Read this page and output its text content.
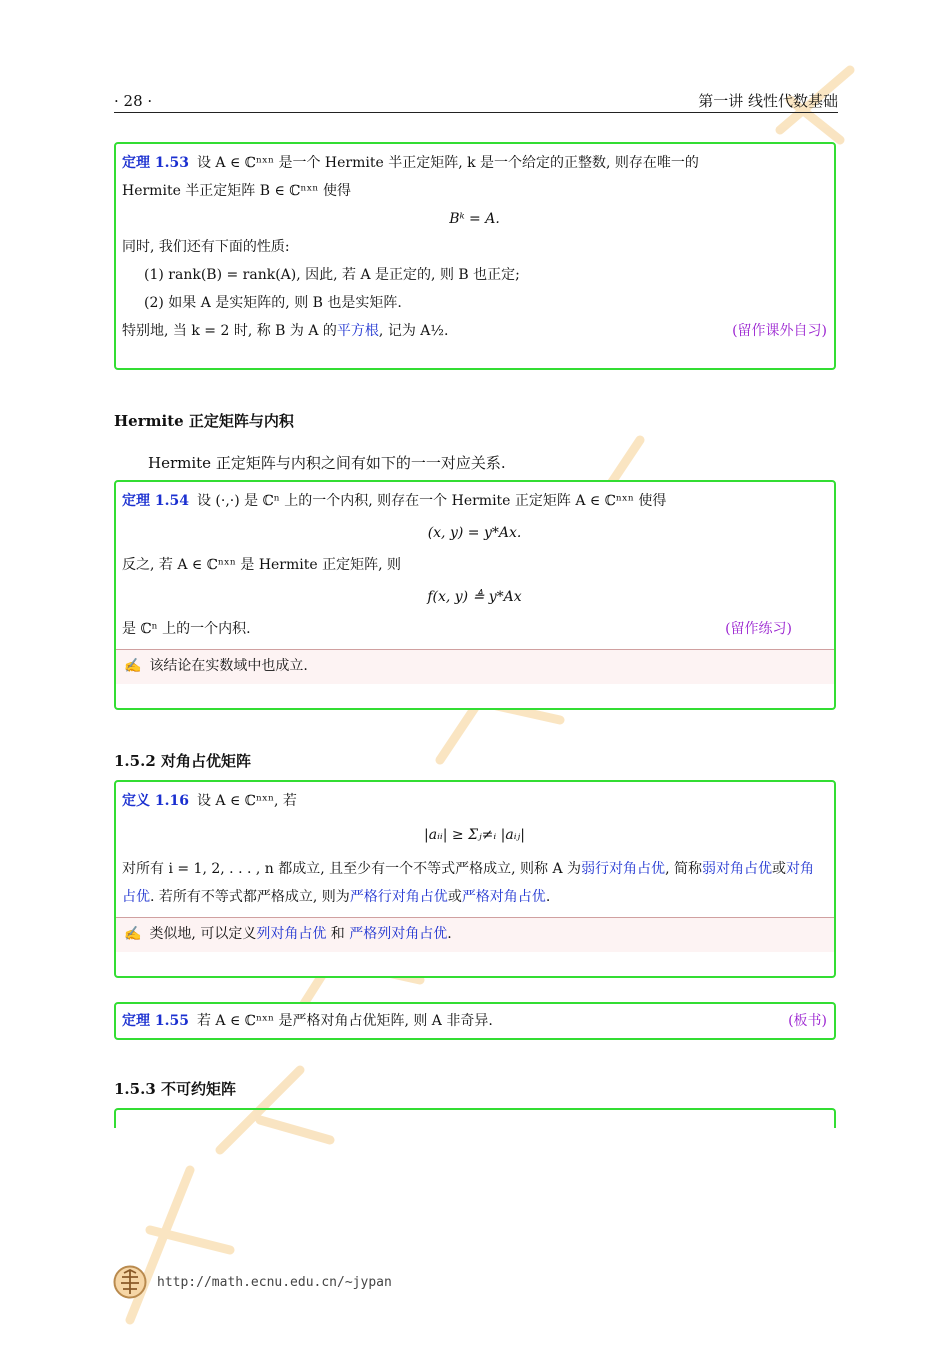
· 28 ·	第一讲 线性代数基础
定理 1.53 设 A ∈ ℂⁿˣⁿ 是一个 Hermite 半正定矩阵, k 是一个给定的正整数, 则存在唯一的
Hermite 半正定矩阵 B ∈ ℂⁿˣⁿ 使得
Bᵏ = A.
同时, 我们还有下面的性质:
(1) rank(B) = rank(A), 因此, 若 A 是正定的, 则 B 也正定;
(2) 如果 A 是实矩阵的, 则 B 也是实矩阵.
特别地, 当 k = 2 时, 称 B 为 A 的平方根, 记为 A½.	(留作课外自习)
Hermite 正定矩阵与内积
Hermite 正定矩阵与内积之间有如下的一一对应关系.
定理 1.54 设 (·,·) 是 ℂⁿ 上的一个内积, 则存在一个 Hermite 正定矩阵 A ∈ ℂⁿˣⁿ 使得
(x, y) = y*Ax.
反之, 若 A ∈ ℂⁿˣⁿ 是 Hermite 正定矩阵, 则
f(x, y) ≜ y*Ax
是 ℂⁿ 上的一个内积.	(留作练习)
✍ 该结论在实数域中也成立.
1.5.2 对角占优矩阵
定义 1.16 设 A ∈ ℂⁿˣⁿ, 若
|aᵢᵢ| ≥ Σⱼ≠ᵢ |aᵢⱼ|
对所有 i = 1, 2, . . . , n 都成立, 且至少有一个不等式严格成立, 则称 A 为弱行对角占优, 简称弱对角占优或对角占优. 若所有不等式都严格成立, 则为严格行对角占优或严格对角占优.
✍ 类似地, 可以定义列对角占优 和 严格列对角占优.
定理 1.55 若 A ∈ ℂⁿˣⁿ 是严格对角占优矩阵, 则 A 非奇异.	(板书)
1.5.3 不可约矩阵
http://math.ecnu.edu.cn/~jypan
